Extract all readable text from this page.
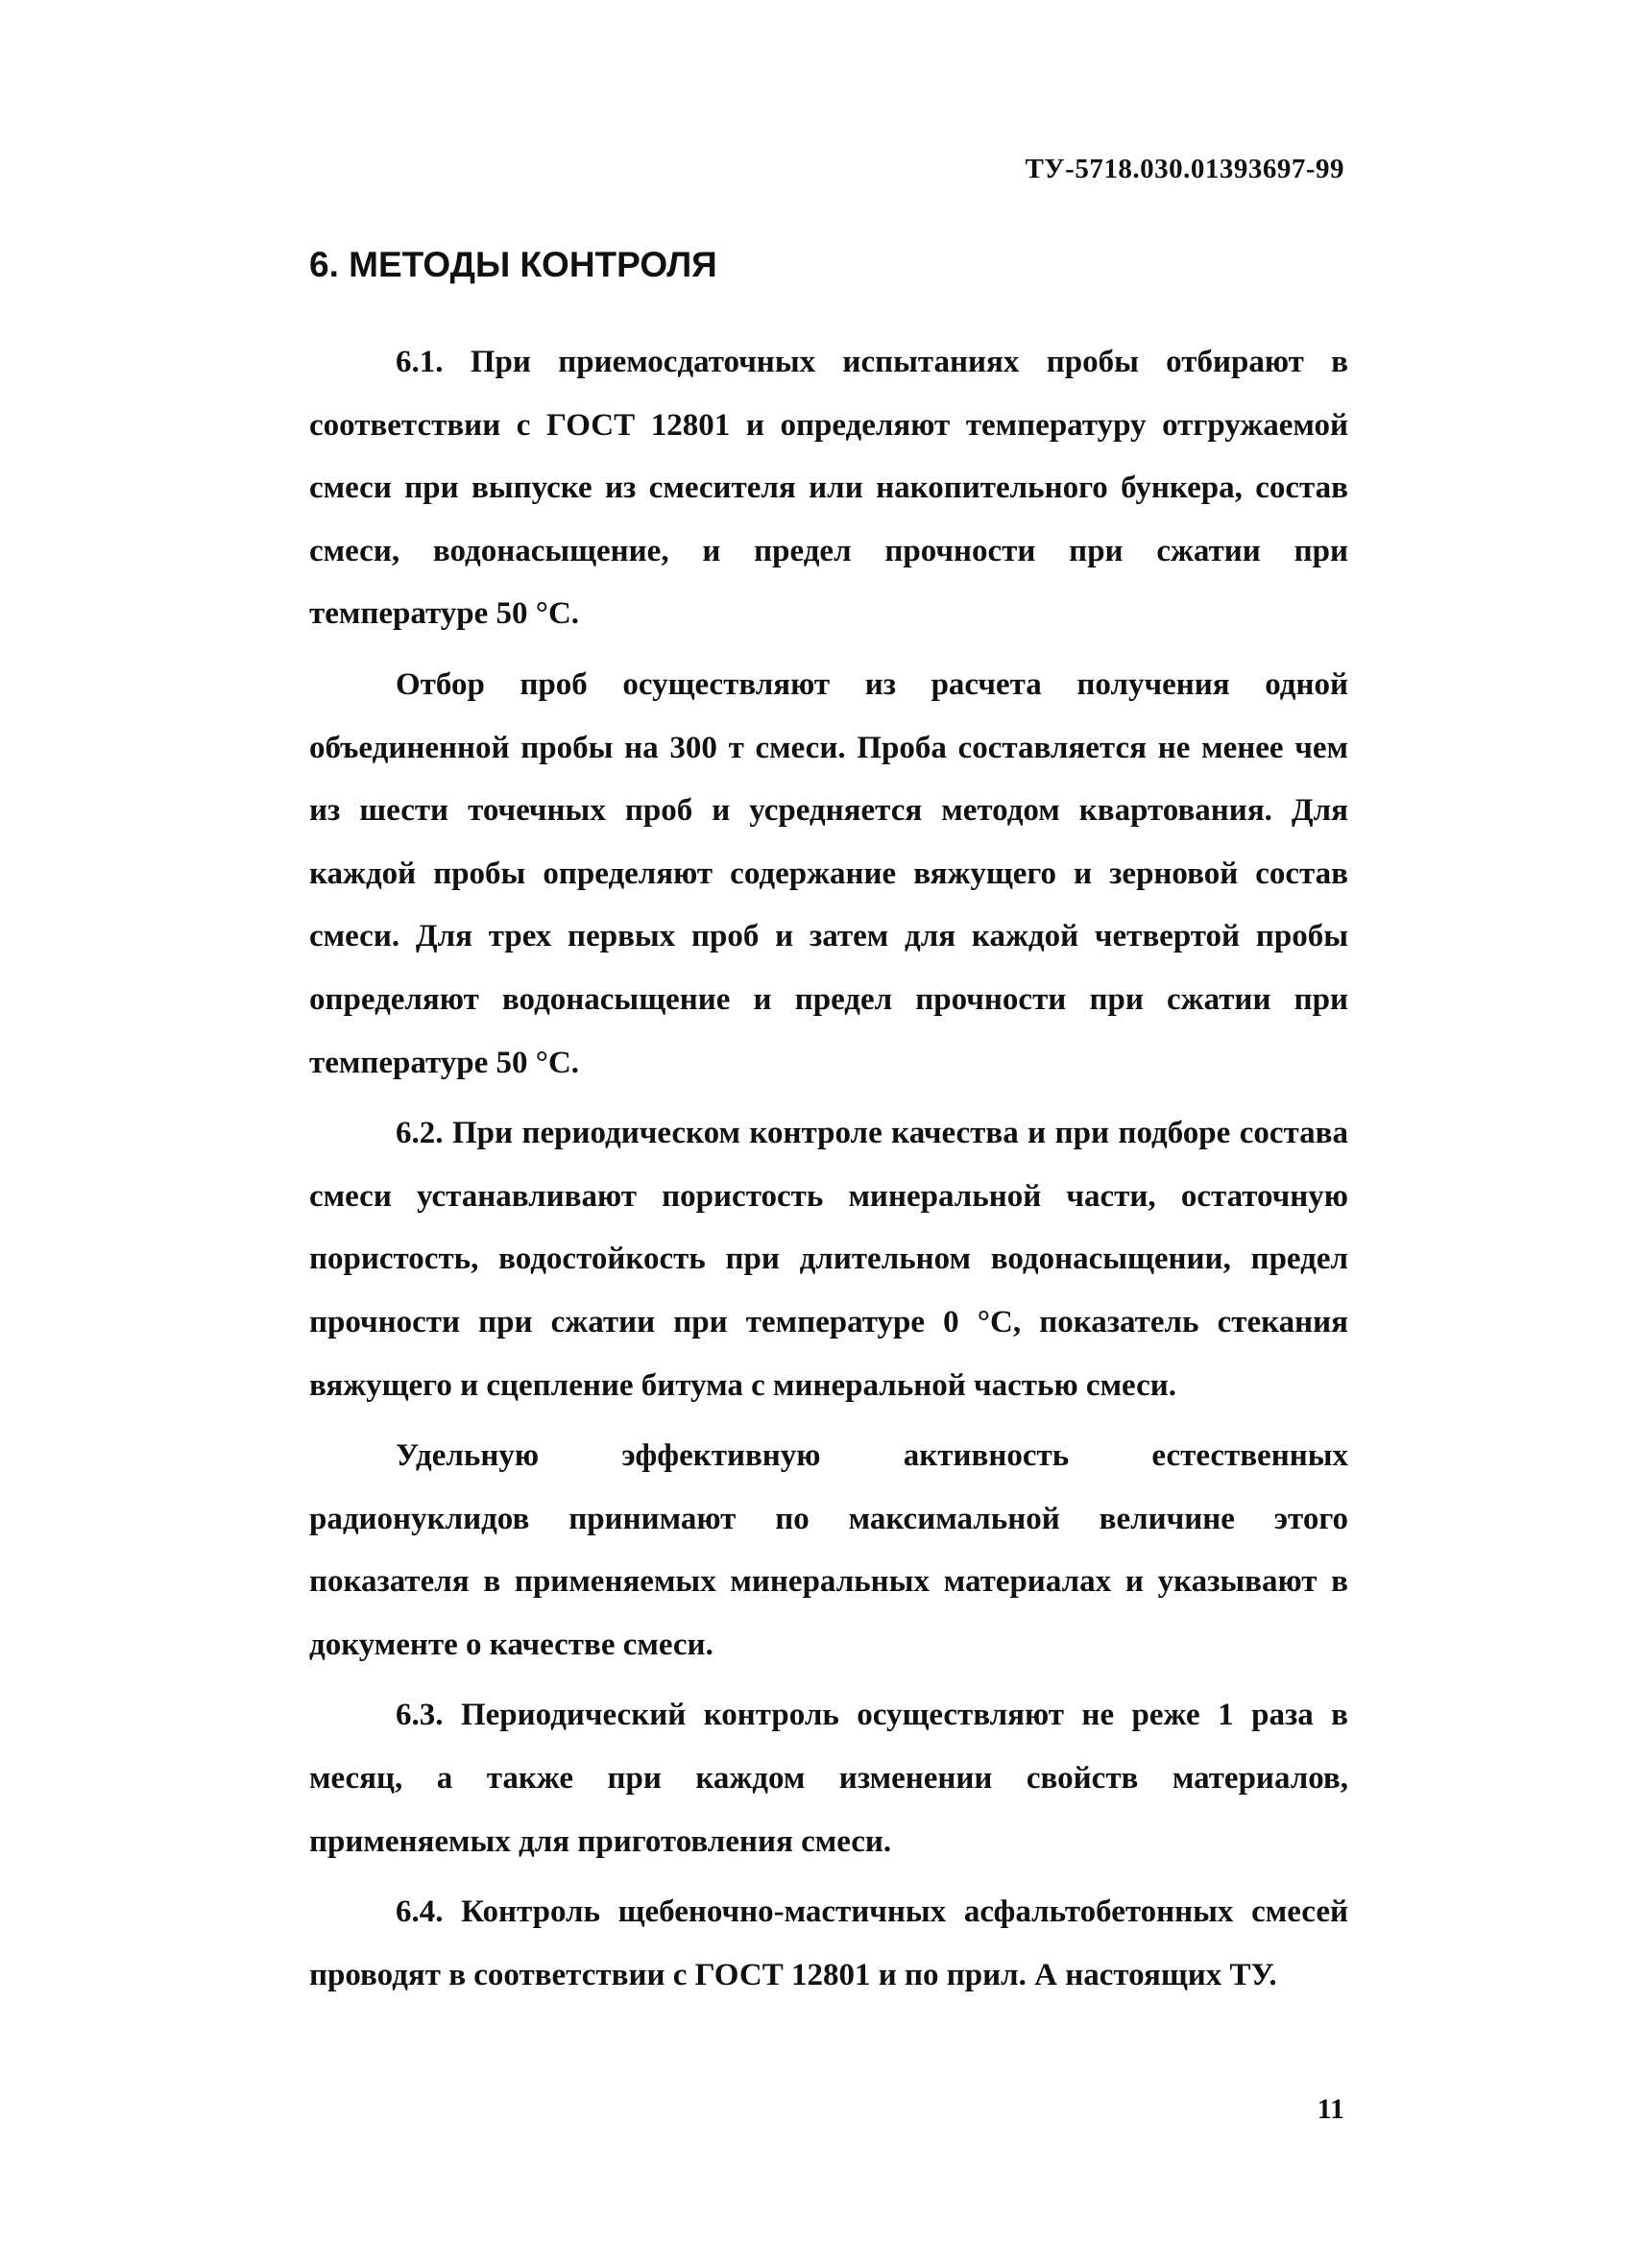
ТУ-5718.030.01393697-99
6. МЕТОДЫ КОНТРОЛЯ

6.1. При приемосдаточных испытаниях пробы отбирают в соответствии с ГОСТ 12801 и определяют температуру отгружаемой смеси при выпуске из смесителя или накопительного бункера, состав смеси, водонасыщение, и предел прочности при сжатии при температуре 50 °С.

Отбор проб осуществляют из расчета получения одной объединенной пробы на 300 т смеси. Проба составляется не менее чем из шести точечных проб и усредняется методом квартования. Для каждой пробы определяют содержание вяжущего и зерновой состав смеси. Для трех первых проб и затем для каждой четвертой пробы определяют водонасыщение и предел прочности при сжатии при температуре 50 °С.

6.2. При периодическом контроле качества и при подборе состава смеси устанавливают пористость минеральной части, остаточную пористость, водостойкость при длительном водонасыщении, предел прочности при сжатии при температуре 0 °С, показатель стекания вяжущего и сцепление битума с минеральной частью смеси.

Удельную эффективную активность естественных радионуклидов принимают по максимальной величине этого показателя в применяемых минеральных материалах и указывают в документе о качестве смеси.

6.3. Периодический контроль осуществляют не реже 1 раза в месяц, а также при каждом изменении свойств материалов, применяемых для приготовления смеси.

6.4. Контроль щебеночно-мастичных асфальтобетонных смесей проводят в соответствии с ГОСТ 12801 и по прил. А настоящих ТУ.

11
